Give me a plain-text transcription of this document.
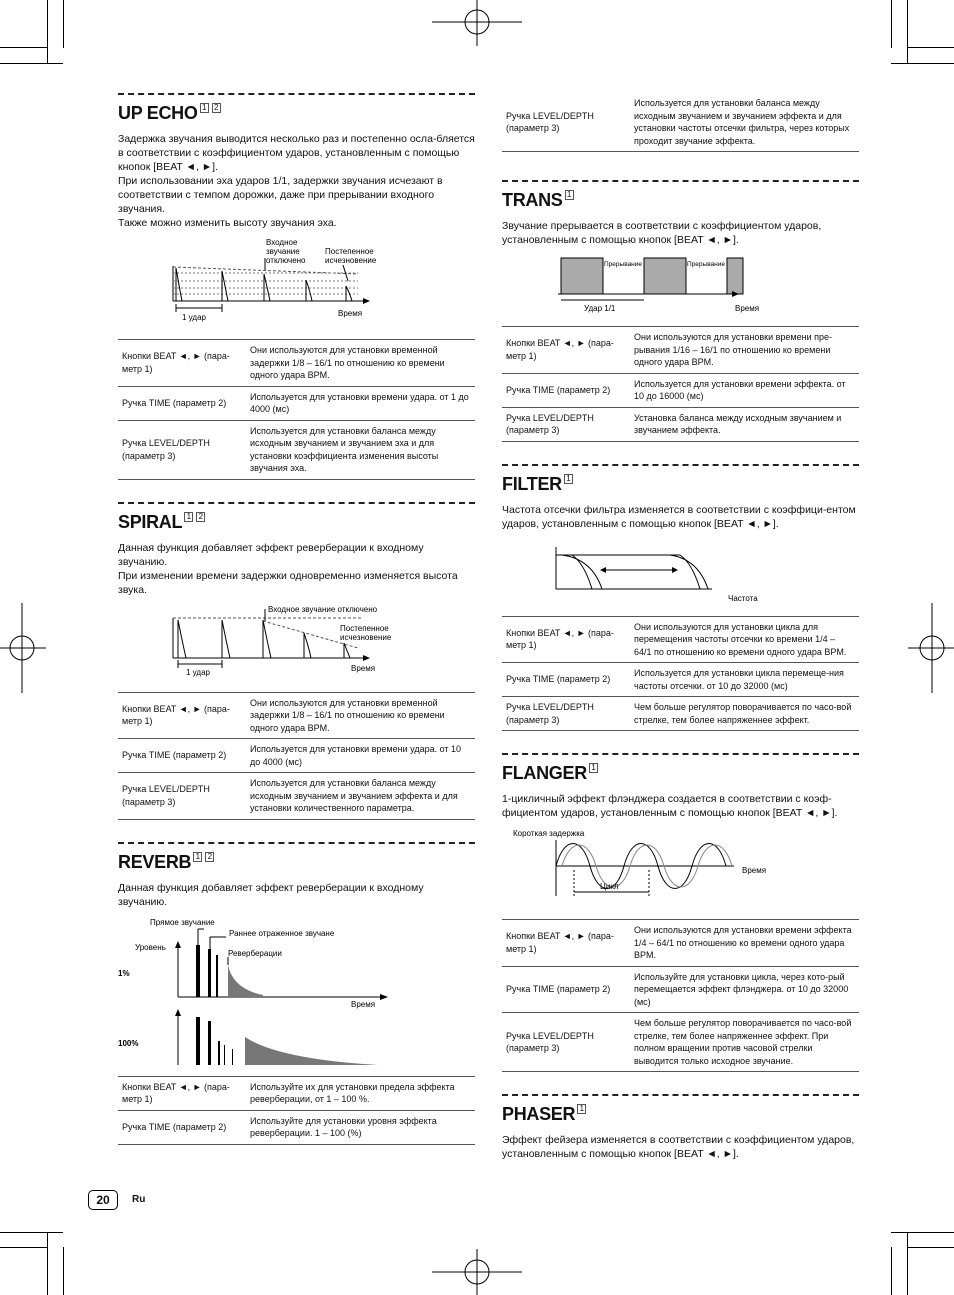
UP ECHO $^{1 2}$

Задержка звучания выводится несколько раз и постепенно осла-бляется в соответствии с коэффициентом ударов, установленным с помощью кнопок [BEAT ◄, ►].

При использовании эха ударов 1/1, задержки звучания исчезают в соответствии с темпом дорожки, даже при прерывании входного звучания.

Также можно изменить высоту звучания эха.

Входное
звучание
отключено
Постепенное
исчезновение
1 удар	Время
Кнопки BEAT ◄, ► (пара-метр 1)	Они используются для установки временной задержки 1/8 – 16/1 по отношению ко времени одного удара BPM.
Ручка TIME (параметр 2)	Используется для установки времени удара. от 1 до 4000 (мс)
Ручка LEVEL/DEPTH (параметр 3)	Используется для установки баланса между исходным звучанием и звучанием эха и для установки коэффициента изменения высоты звучания эха.
SPIRAL $^{1 2}$

Данная функция добавляет эффект реверберации к входному звучанию.

При изменении времени задержки одновременно изменяется высота звука.

Входное звучание отключено
Постепенное
исчезновение
1 удар	Время
Кнопки BEAT ◄, ► (пара-метр 1)	Они используются для установки временной задержки 1/8 – 16/1 по отношению ко времени одного удара BPM.
Ручка TIME (параметр 2)	Используется для установки времени удара. от 10 до 4000 (мс)
Ручка LEVEL/DEPTH (параметр 3)	Используется для установки баланса между исходным звучанием и звучанием эффекта и для установки количественного параметра.
REVERB $^{1 2}$

Данная функция добавляет эффект реверберации к входному звучанию.

Прямое звучание
Раннее отраженное звучане
Уровень
Реверберации
1%
100%
Время
Кнопки BEAT ◄, ► (пара-метр 1)	Используйте их для установки предела эффекта реверберации, от 1 – 100 %.
Ручка TIME (параметр 2)	Используйте для установки уровня эффекта реверберации. 1 – 100 (%)
Ручка LEVEL/DEPTH (параметр 3)	Используется для установки баланса между исходным звучанием и звучанием эффекта и для установки частоты отсечки фильтра, через которых проходит звучание эффекта.
TRANS $^1$

Звучание прерывается в соответствии с коэффициентом ударов, установленным с помощью кнопок [BEAT ◄, ►].

Прерывание	Прерывание
Удар 1/1	Время
Кнопки BEAT ◄, ► (пара-метр 1)	Они используются для установки времени пре-рывания 1/16 – 16/1 по отношению ко времени одного удара BPM.
Ручка TIME (параметр 2)	Используется для установки времени эффекта. от 10 до 16000 (мс)
Ручка LEVEL/DEPTH (параметр 3)	Установка баланса между исходным звучанием и звучанием эффекта.
FILTER $^1$

Частота отсечки фильтра изменяется в соответствии с коэффици-ентом ударов, установленным с помощью кнопок [BEAT ◄, ►].

Частота
Кнопки BEAT ◄, ► (пара-метр 1)	Они используются для установки цикла для перемещения частоты отсечки ко времени 1/4 – 64/1 по отношению ко времени одного удара BPM.
Ручка TIME (параметр 2)	Используется для установки цикла перемеще-ния частоты отсечки. от 10 до 32000 (мс)
Ручка LEVEL/DEPTH (параметр 3)	Чем больше регулятор поворачивается по часо-вой стрелке, тем более напряженнее эффект.
FLANGER $^1$

1-цикличный эффект флэнджера создается в соответствии с коэф-фициентом ударов, установленным с помощью кнопок [BEAT ◄, ►].

Короткая задержка
Цикл
Время
Кнопки BEAT ◄, ► (пара-метр 1)	Они используются для установки времени эффекта 1/4 – 64/1 по отношению ко времени одного удара BPM.
Ручка TIME (параметр 2)	Используйте для установки цикла, через кото-рый перемещается эффект флэнджера. от 10 до 32000 (мс)
Ручка LEVEL/DEPTH (параметр 3)	Чем больше регулятор поворачивается по часо-вой стрелке, тем более напряженнее эффект. При полном вращении против часовой стрелки выводится только исходное звучание.
PHASER $^1$

Эффект фейзера изменяется в соответствии с коэффициентом ударов, установленным с помощью кнопок [BEAT ◄, ►].

20	Ru
